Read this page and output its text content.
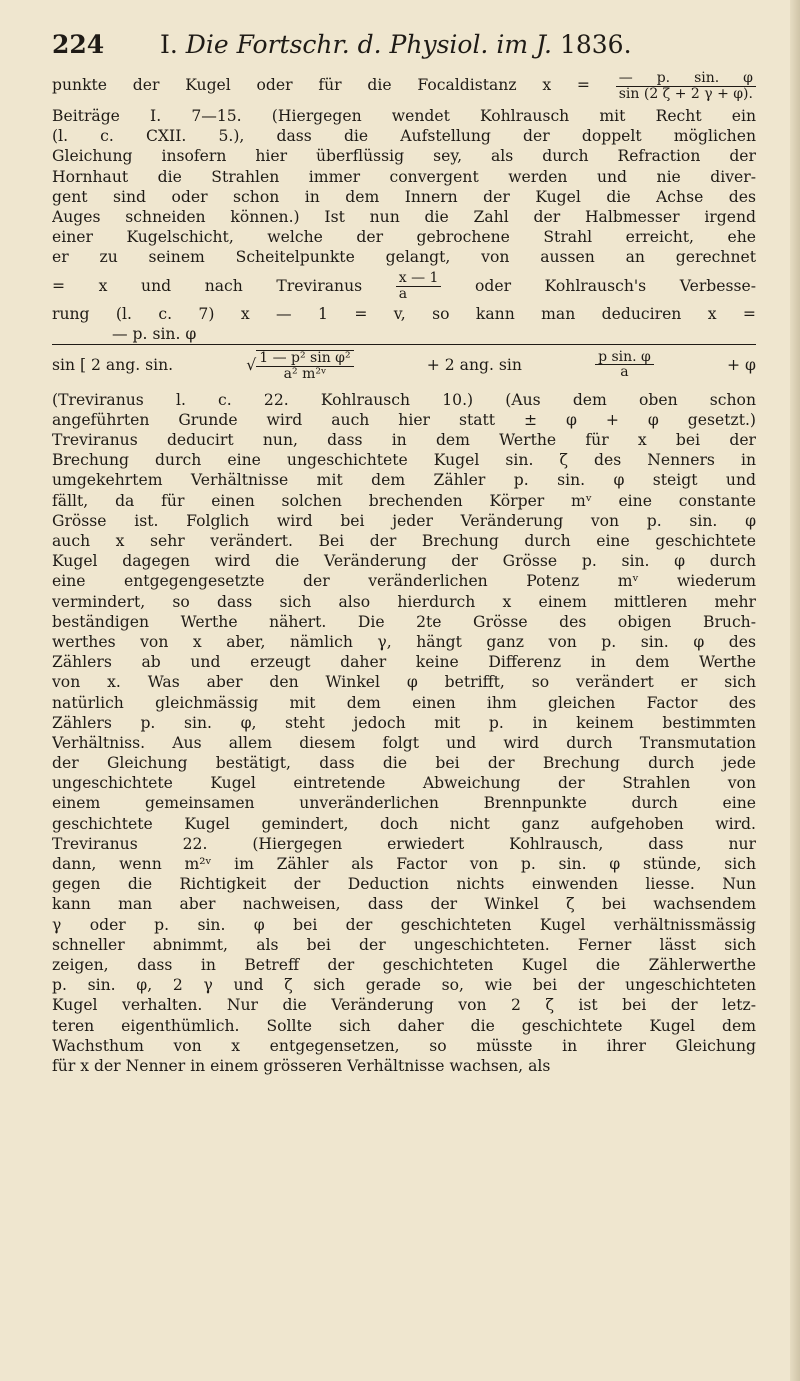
224 I. Die Fortschr. d. Physiol. im J. 1836.
punkte der Kugel oder für die Focaldistanz $x = \frac{— p. \sin. \varphi}{\sin (2 \zeta + 2 \gamma + \varphi).}$
Beiträge I. 7—15. (Hiergegen wendet Kohlrausch mit Recht ein
(l. c. CXII. 5.), dass die Aufstellung der doppelt möglichen
Gleichung insofern hier überflüssig sey, als durch Refraction der
Hornhaut die Strahlen immer convergent werden und nie diver-
gent sind oder schon in dem Innern der Kugel die Achse des
Auges schneiden können.) Ist nun die Zahl der Halbmesser irgend
einer Kugelschicht, welche der gebrochene Strahl erreicht, ehe
er zu seinem Scheitelpunkte gelangt, von aussen an gerechnet
= x und nach Treviranus $\frac{x — 1}{a}$ oder Kohlrausch's Verbesse-
rung (l. c. 7) x — 1 = v, so kann man deduciren x =
— p. sin. φ
sin [ 2 ang. sin.	√ $\frac{\text{1 — p² sin φ²}}{\text{a² m²ᵛ}}$	+ 2 ang. sin	$\frac{\text{p sin. φ}}{a}$	+ φ
(Treviranus l. c. 22. Kohlrausch 10.) (Aus dem oben schon
angeführten Grunde wird auch hier statt ± φ + φ gesetzt.)
Treviranus deducirt nun, dass in dem Werthe für x bei der
Brechung durch eine ungeschichtete Kugel sin. ζ des Nenners in
umgekehrtem Verhältnisse mit dem Zähler p. sin. φ steigt und
fällt, da für einen solchen brechenden Körper mᵛ eine constante
Grösse ist. Folglich wird bei jeder Veränderung von p. sin. φ
auch x sehr verändert. Bei der Brechung durch eine geschichtete
Kugel dagegen wird die Veränderung der Grösse p. sin. φ durch
eine entgegengesetzte der veränderlichen Potenz mᵛ wiederum
vermindert, so dass sich also hierdurch x einem mittleren mehr
beständigen Werthe nähert. Die 2te Grösse des obigen Bruch-
werthes von x aber, nämlich γ, hängt ganz von p. sin. φ des
Zählers ab und erzeugt daher keine Differenz in dem Werthe
von x. Was aber den Winkel φ betrifft, so verändert er sich
natürlich gleichmässig mit dem einen ihm gleichen Factor des
Zählers p. sin. φ, steht jedoch mit p. in keinem bestimmten
Verhältniss. Aus allem diesem folgt und wird durch Transmutation
der Gleichung bestätigt, dass die bei der Brechung durch jede
ungeschichtete Kugel eintretende Abweichung der Strahlen von
einem gemeinsamen unveränderlichen Brennpunkte durch eine
geschichtete Kugel gemindert, doch nicht ganz aufgehoben wird.
Treviranus 22. (Hiergegen erwiedert Kohlrausch, dass nur
dann, wenn m²ᵛ im Zähler als Factor von p. sin. φ stünde, sich
gegen die Richtigkeit der Deduction nichts einwenden liesse. Nun
kann man aber nachweisen, dass der Winkel ζ bei wachsendem
γ oder p. sin. φ bei der geschichteten Kugel verhältnissmässig
schneller abnimmt, als bei der ungeschichteten. Ferner lässt sich
zeigen, dass in Betreff der geschichteten Kugel die Zählerwerthe
p. sin. φ, 2 γ und ζ sich gerade so, wie bei der ungeschichteten
Kugel verhalten. Nur die Veränderung von 2 ζ ist bei der letz-
teren eigenthümlich. Sollte sich daher die geschichtete Kugel dem
Wachsthum von x entgegensetzen, so müsste in ihrer Gleichung
für x der Nenner in einem grösseren Verhältnisse wachsen, als
